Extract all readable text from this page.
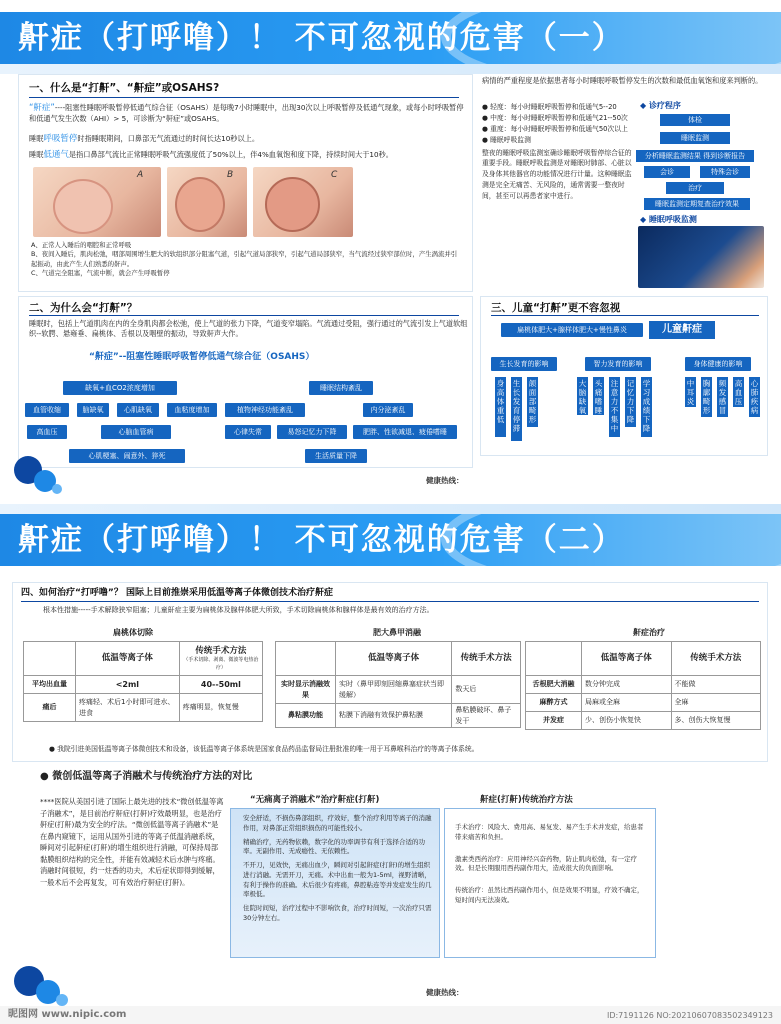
鼾症（打呼噜）！ 不可忽视的危害（一）
一、什么是“打鼾”、“鼾症”或OSAHS?
“鼾症”----阻塞性睡眠呼吸暂停低通气综合征（OSAHS）是每晚7小时睡眠中，出现30次以上呼吸暂停及低通气现象，或每小时呼吸暂停和低通气发生次数（AHI）> 5，可诊断为“鼾症”或OSAHS。
睡眠呼吸暂停时指睡眠期间，口鼻部无气流通过的时间长达10秒以上。
睡眠低通气是指口鼻部气流比正常睡眠呼吸气流强度低了50%以上，伴4%血氧饱和度下降，持续时间大于10秒。
A	B	C
A、正常人入睡后的咽腔和正常呼吸
B、夜间入睡后，肌肉松弛，咽部周围增生肥大的软组织部分阻塞气道，引起气道局部狭窄，引起气道局部狭窄，当气流经过狭窄部位时，产生涡流并引起振动，由此产生人们熟悉的鼾声。
C、气道完全阻塞，气流中断，就会产生呼吸暂停
二、为什么会“打鼾”？
睡眠时，包括上气道肌肉在内的全身肌肉都会松弛，使上气道的张力下降，气道变窄塌陷。气流通过受阻，强行通过的气流引发上气道软组织--软腭、悬雍垂、扁桃体、舌根以及咽壁的振动，导致鼾声大作。
“鼾症”--阻塞性睡眠呼吸暂停低通气综合征（OSAHS）
缺氧+血CO2浓度增加	睡眠结构紊乱
血管收缩	脑缺氧	心肌缺氧	血粘度增加	植物神经功能紊乱	内分泌紊乱
高血压	心脑血管病	心律失常	易怒记忆力下降	肥胖、性欲减退、疲倦嗜睡
心肌梗塞、闹意外、猝死	生活质量下降
健康热线：
病情的严重程度是依据患者每小时睡眠呼吸暂停发生的次数和最低血氧饱和度来判断的。
● 轻度：每小时睡眠呼吸暂停和低通气5--20
● 中度：每小时睡眠呼吸暂停和低通气21--50次
● 重度：每小时睡眠呼吸暂停和低通气50次以上
● 睡眠呼吸监测
整夜的睡眠呼吸监测室确诊睡眠呼吸暂停综合征的重要手段。睡眠呼吸监测是对睡眠时肺部、心脏以及身体其他器官的功能情况进行计量。这种睡眠监测是完全无痛苦、无风险的，通常需要一整夜时间，甚至可以再患者家中进行。
◆ 诊疗程序
体检
睡眠监测
分析睡眠监测结果 得到诊断报告
会诊	特殊会诊
治疗
睡眠监测定期复查治疗效果
◆ 睡眠呼吸监测
三、儿童“打鼾”更不容忽视
扁桃体肥大+腺样体肥大+慢性鼻炎	儿童鼾症
生长发育的影响	智力发育的影响	身体健康的影响
身高体重低
生长发育停滞
颌面部畸形
大脑缺氧
头痛嗜睡
注意力不集中
记忆力下降
学习成绩下降
中耳炎
胸廓畸形
频发感冒
高血压
心肺疾病
鼾症（打呼噜）！ 不可忽视的危害（二）
四、如何治疗“打呼噜”？ 国际上目前推崇采用低温等离子体微创技术治疗鼾症
根本性措施-----手术解除狭窄阻塞；儿童鼾症主要为扁桃体及腺样体肥大所致，手术切除扁桃体和腺样体是最有效的治疗方法。
扁桃体切除
	低温等离子体	传统手术方法
（手术切除、剥离、微波等电热治疗）

平均出血量	<2ml	40--50ml
痛后	疼痛轻、术后1小时即可进水、进食	疼痛明显，恢复慢
肥大鼻甲消融
	低温等离子体	传统手术方法
实时显示消融效果	实时（鼻甲即刻回缩鼻塞症状当即缓解）	数天后
鼻粘膜功能	粘膜下消融有效保护鼻粘膜	鼻粘膜破坏、鼻子发干
鼾症治疗
	低温等离子体	传统手术方法
舌根肥大消融	数分钟完成	不能做
麻醉方式	局麻或全麻	全麻
并发症	少、创伤小恢复快	多、创伤大恢复慢
● 我院引进美国低温等离子体微创技术和设备，该低温等离子体系统是国家食品药品监督局注册批准的唯一用于耳鼻喉科治疗的等离子体系统。
● 微创低温等离子消融术与传统治疗方法的对比
****医院从美国引进了国际上最先进的技术“微创低温等离子消融术”，是目前治疗鼾症(打鼾)疗效最明显，也是治疗鼾症(打鼾)最为安全的疗法。“微创低温等离子消融术”是在鼻内窥镜下，运用从国外引进的等离子低温消融系统，瞬间对引起鼾症(打鼾)的增生组织进行消融，可保持局部黏膜组织结构的完全性，并能有效减轻术后水肿与疼痛。消融时间很短，约一炷香的功夫，术后症状即得到缓解，一般术后不会再复发，可有效治疗鼾症(打鼾)。
“无痛离子消融术”治疗鼾症(打鼾)
安全舒适，不损伤鼻部组织，疗效好，整个治疗利用等离子的消融作用，对鼻部正常组织损伤的可能性较小。
精确治疗，无药物依赖，数字化的功率调节有利于选择合适的功率。无副作用、无成瘾性、无依赖性。
不开刀，见效快，无痛出血少，瞬间对引起鼾症(打鼾)的增生组织进行消融。无需开刀，无痛。术中出血一般为1-5ml，视野清晰，有利于操作的准确。术后很少有疼痛，鼻腔粘连等并发症发生的几率极低。
住院时间短，治疗过程中不影响饮食，治疗时间短，一次治疗只需30分钟左右。
鼾症(打鼾)传统治疗方法
手术治疗：风险大、费用高、易复发、易产生手术并发症，给患者带来痛苦和负担。
激素类西药治疗：应用神经兴奋药物，防止肌肉松弛，有一定疗效。但是长期服用西药副作用大，造成很大的负面影响。
传统治疗：虽然比西药副作用小，但是效果不明显，疗效不确定，短时间内无法凑效。
健康热线：
昵图网 www.nipic.com	ID:7191126 NO:20210607083502349123
